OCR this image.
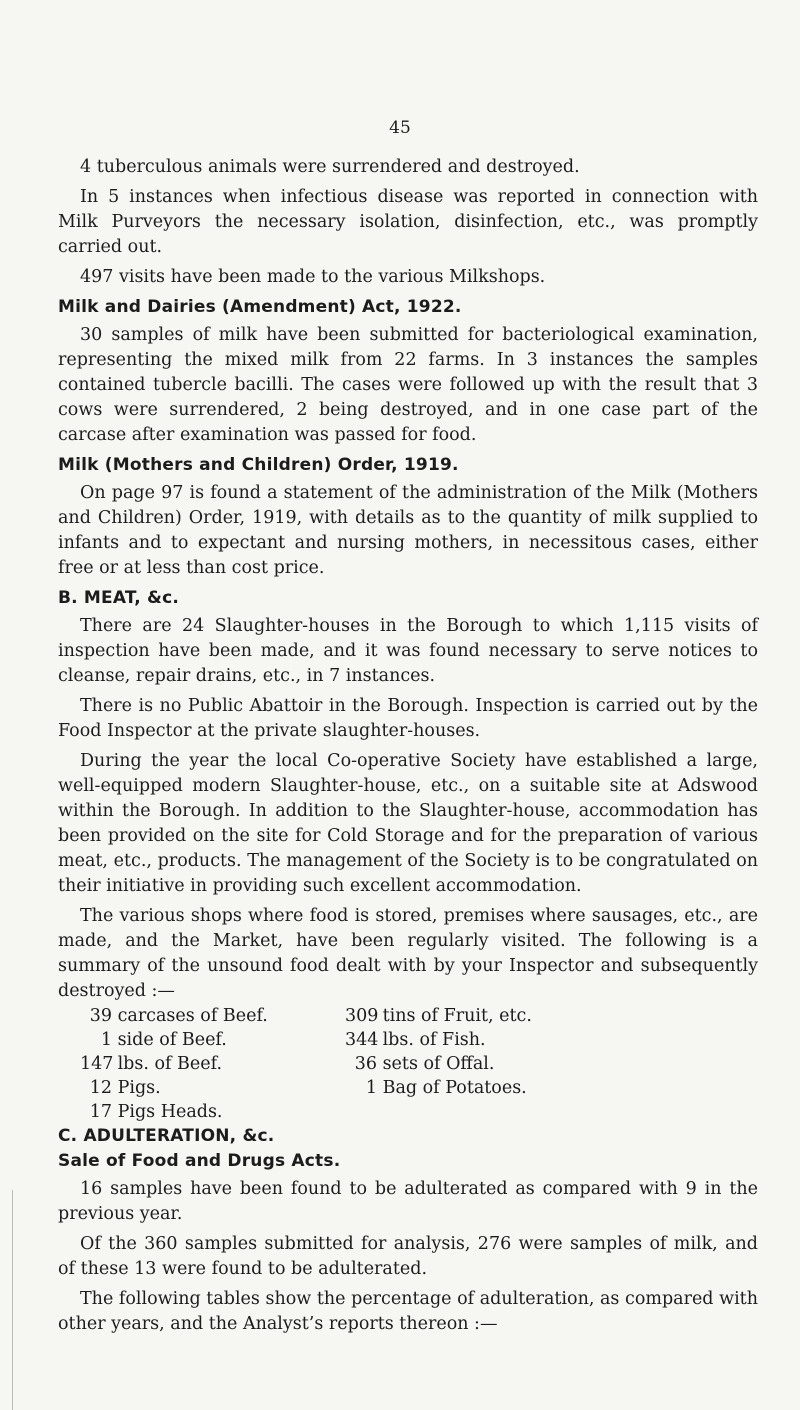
45

4 tuberculous animals were surrendered and destroyed.

In 5 instances when infectious disease was reported in connection with Milk Purveyors the necessary isolation, disinfection, etc., was promptly carried out.

497 visits have been made to the various Milkshops.

Milk and Dairies (Amendment) Act, 1922.

30 samples of milk have been submitted for bacteriological examination, representing the mixed milk from 22 farms. In 3 instances the samples contained tubercle bacilli. The cases were followed up with the result that 3 cows were surrendered, 2 being destroyed, and in one case part of the carcase after examination was passed for food.

Milk (Mothers and Children) Order, 1919.

On page 97 is found a statement of the administration of the Milk (Mothers and Children) Order, 1919, with details as to the quantity of milk supplied to infants and to expectant and nursing mothers, in necessitous cases, either free or at less than cost price.

B. MEAT, &c.

There are 24 Slaughter-houses in the Borough to which 1,115 visits of inspection have been made, and it was found necessary to serve notices to cleanse, repair drains, etc., in 7 instances.

There is no Public Abattoir in the Borough. Inspection is carried out by the Food Inspector at the private slaughter-houses.

During the year the local Co-operative Society have established a large, well-equipped modern Slaughter-house, etc., on a suitable site at Adswood within the Borough. In addition to the Slaughter-house, accommodation has been provided on the site for Cold Storage and for the preparation of various meat, etc., products. The management of the Society is to be congratulated on their initiative in providing such excellent accommodation.

The various shops where food is stored, premises where sausages, etc., are made, and the Market, have been regularly visited. The following is a summary of the unsound food dealt with by your Inspector and subsequently destroyed :—

39 carcases of Beef.
1 side of Beef.
147 lbs. of Beef.
12 Pigs.
17 Pigs Heads.
309 tins of Fruit, etc.
344 lbs. of Fish.
36 sets of Offal.
1 Bag of Potatoes.
C. ADULTERATION, &c.
Sale of Food and Drugs Acts.

16 samples have been found to be adulterated as compared with 9 in the previous year.

Of the 360 samples submitted for analysis, 276 were samples of milk, and of these 13 were found to be adulterated.

The following tables show the percentage of adulteration, as compared with other years, and the Analyst’s reports thereon :—
